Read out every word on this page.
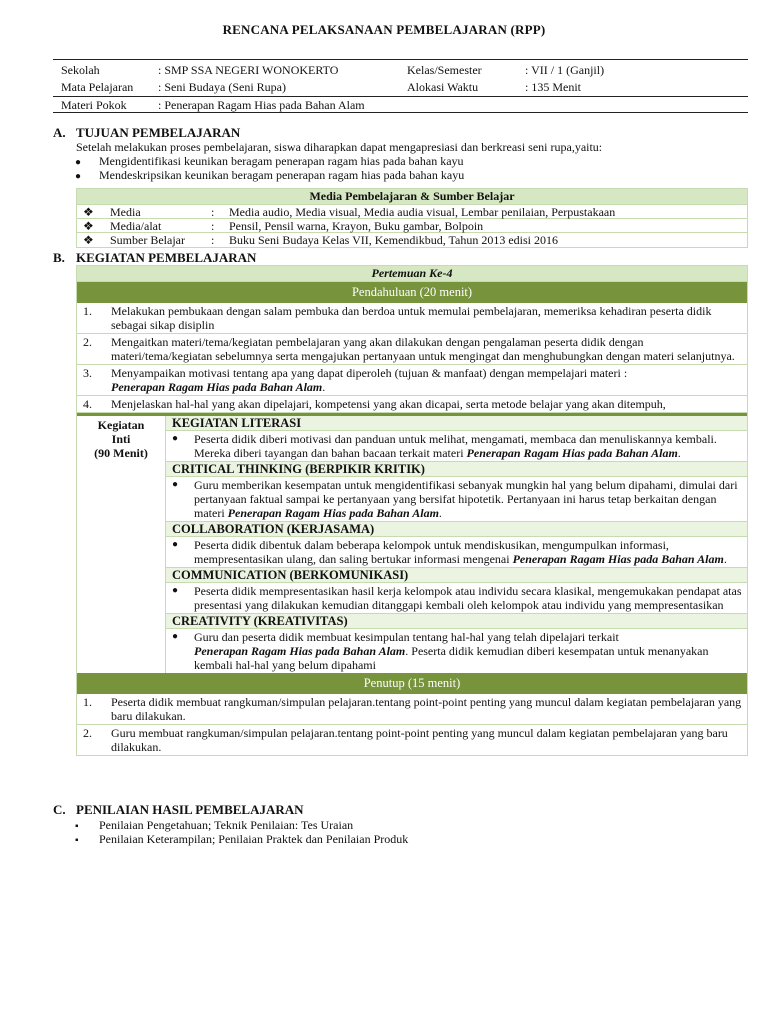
RENCANA PELAKSANAAN PEMBELAJARAN (RPP)
Sekolah	: SMP SSA NEGERI WONOKERTO	Kelas/Semester	: VII / 1 (Ganjil)
Mata Pelajaran : Seni Budaya (Seni Rupa)	Alokasi Waktu	: 135 Menit
Materi Pokok	: Penerapan Ragam Hias pada Bahan Alam
A. TUJUAN PEMBELAJARAN
Setelah melakukan proses pembelajaran, siswa diharapkan dapat mengapresiasi dan berkreasi seni rupa,yaitu:
● Mengidentifikasi keunikan beragam penerapan ragam hias pada bahan kayu
● Mendeskripsikan keunikan beragam penerapan ragam hias pada bahan kayu
Media Pembelajaran & Sumber Belajar
❖ Media	: Media audio, Media visual, Media audia visual, Lembar penilaian, Perpustakaan
❖ Media/alat	: Pensil, Pensil warna, Krayon, Buku gambar, Bolpoin
❖ Sumber Belajar : Buku Seni Budaya Kelas VII, Kemendikbud, Tahun 2013 edisi 2016
B. KEGIATAN PEMBELAJARAN
Pertemuan Ke-4
Pendahuluan (20 menit)
1. Melakukan pembukaan dengan salam pembuka dan berdoa untuk memulai pembelajaran, memeriksa kehadiran peserta didik sebagai sikap disiplin
2. Mengaitkan materi/tema/kegiatan pembelajaran yang akan dilakukan dengan pengalaman peserta didik dengan materi/tema/kegiatan sebelumnya serta mengajukan pertanyaan untuk mengingat dan menghubungkan dengan materi selanjutnya.
3. Menyampaikan motivasi tentang apa yang dapat diperoleh (tujuan & manfaat) dengan mempelajari materi :
Penerapan Ragam Hias pada Bahan Alam.
4. Menjelaskan hal-hal yang akan dipelajari, kompetensi yang akan dicapai, serta metode belajar yang akan ditempuh,
Kegiatan Inti
(90 Menit)
KEGIATAN LITERASI
● Peserta didik diberi motivasi dan panduan untuk melihat, mengamati, membaca dan menuliskannya kembali. Mereka diberi tayangan dan bahan bacaan terkait materi Penerapan Ragam Hias pada Bahan Alam.
CRITICAL THINKING (BERPIKIR KRITIK)
● Guru memberikan kesempatan untuk mengidentifikasi sebanyak mungkin hal yang belum dipahami, dimulai dari pertanyaan faktual sampai ke pertanyaan yang bersifat hipotetik. Pertanyaan ini harus tetap berkaitan dengan materi Penerapan Ragam Hias pada Bahan Alam.
COLLABORATION (KERJASAMA)
● Peserta didik dibentuk dalam beberapa kelompok untuk mendiskusikan, mengumpulkan informasi, mempresentasikan ulang, dan saling bertukar informasi mengenai Penerapan Ragam Hias pada Bahan Alam.
COMMUNICATION (BERKOMUNIKASI)
● Peserta didik mempresentasikan hasil kerja kelompok atau individu secara klasikal, mengemukakan pendapat atas presentasi yang dilakukan kemudian ditanggapi kembali oleh kelompok atau individu yang mempresentasikan
CREATIVITY (KREATIVITAS)
● Guru dan peserta didik membuat kesimpulan tentang hal-hal yang telah dipelajari terkait
Penerapan Ragam Hias pada Bahan Alam. Peserta didik kemudian diberi kesempatan untuk menanyakan kembali hal-hal yang belum dipahami
Penutup (15 menit)
1. Peserta didik membuat rangkuman/simpulan pelajaran.tentang point-point penting yang muncul dalam kegiatan pembelajaran yang baru dilakukan.
2. Guru membuat rangkuman/simpulan pelajaran.tentang point-point penting yang muncul dalam kegiatan pembelajaran yang baru dilakukan.
C. PENILAIAN HASIL PEMBELAJARAN
▪ Penilaian Pengetahuan; Teknik Penilaian: Tes Uraian
▪ Penilaian Keterampilan; Penilaian Praktek dan Penilaian Produk
